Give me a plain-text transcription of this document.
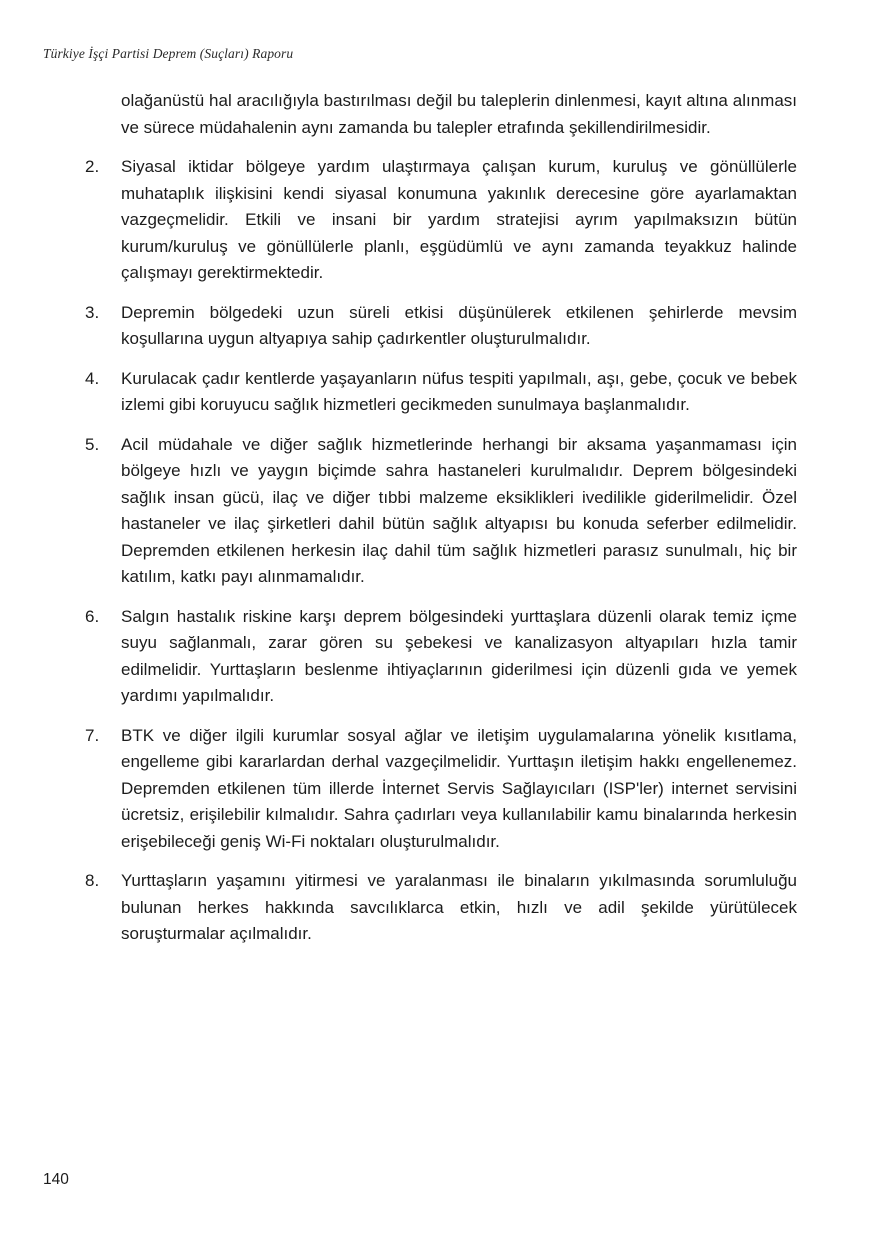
Türkiye İşçi Partisi Deprem (Suçları) Raporu

olağanüstü hal aracılığıyla bastırılması değil bu taleplerin dinlenmesi, kayıt altına alınması ve sürece müdahalenin aynı zamanda bu talepler etrafında şekillendirilmesidir.

2.	Siyasal iktidar bölgeye yardım ulaştırmaya çalışan kurum, kuruluş ve gönüllülerle muhataplık ilişkisini kendi siyasal konumuna yakınlık derecesine göre ayarlamaktan vazgeçmelidir. Etkili ve insani bir yardım stratejisi ayrım yapılmaksızın bütün kurum/kuruluş ve gönüllülerle planlı, eşgüdümlü ve aynı zamanda teyakkuz halinde çalışmayı gerektirmektedir.
3.	Depremin bölgedeki uzun süreli etkisi düşünülerek etkilenen şehirlerde mevsim koşullarına uygun altyapıya sahip çadırkentler oluşturulmalıdır.
4.	Kurulacak çadır kentlerde yaşayanların nüfus tespiti yapılmalı, aşı, gebe, çocuk ve bebek izlemi gibi koruyucu sağlık hizmetleri gecikmeden sunulmaya başlanmalıdır.
5.	Acil müdahale ve diğer sağlık hizmetlerinde herhangi bir aksama yaşanmaması için bölgeye hızlı ve yaygın biçimde sahra hastaneleri kurulmalıdır. Deprem bölgesindeki sağlık insan gücü, ilaç ve diğer tıbbi malzeme eksiklikleri ivedilikle giderilmelidir. Özel hastaneler ve ilaç şirketleri dahil bütün sağlık altyapısı bu konuda seferber edilmelidir. Depremden etkilenen herkesin ilaç dahil tüm sağlık hizmetleri parasız sunulmalı, hiç bir katılım, katkı payı alınmamalıdır.
6.	Salgın hastalık riskine karşı deprem bölgesindeki yurttaşlara düzenli olarak temiz içme suyu sağlanmalı, zarar gören su şebekesi ve kanalizasyon altyapıları hızla tamir edilmelidir. Yurttaşların beslenme ihtiyaçlarının giderilmesi için düzenli gıda ve yemek yardımı yapılmalıdır.
7.	BTK ve diğer ilgili kurumlar sosyal ağlar ve iletişim uygulamalarına yönelik kısıtlama, engelleme gibi kararlardan derhal vazgeçilmelidir. Yurttaşın iletişim hakkı engellenemez. Depremden etkilenen tüm illerde İnternet Servis Sağlayıcıları (ISP'ler) internet servisini ücretsiz, erişilebilir kılmalıdır. Sahra çadırları veya kullanılabilir kamu binalarında herkesin erişebileceği geniş Wi-Fi noktaları oluşturulmalıdır.
8.	Yurttaşların yaşamını yitirmesi ve yaralanması ile binaların yıkılmasında sorumluluğu bulunan herkes hakkında savcılıklarca etkin, hızlı ve adil şekilde yürütülecek soruşturmalar açılmalıdır.
140
